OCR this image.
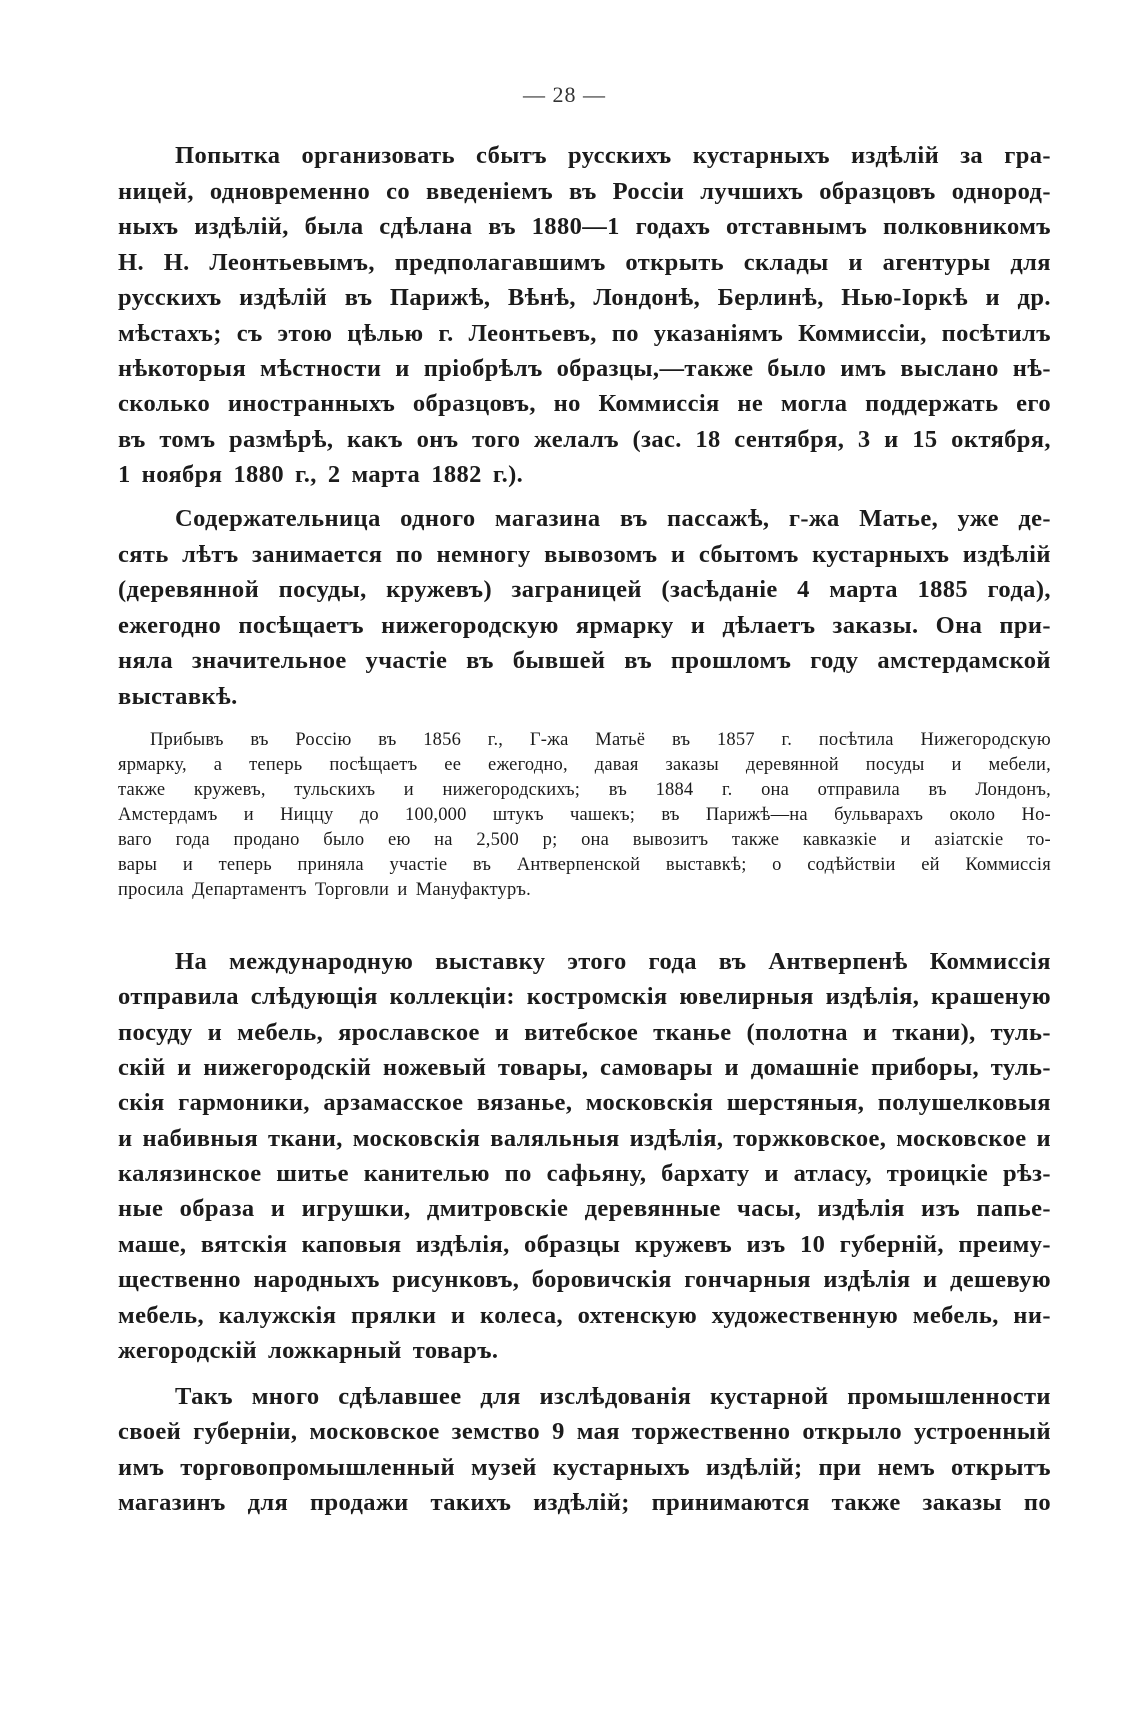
— 28 —
Попытка организовать сбытъ русскихъ кустарныхъ издѣлій за гра-
ницей, одновременно со введеніемъ въ Россіи лучшихъ образцовъ однород-
ныхъ издѣлій, была сдѣлана въ 1880—1 годахъ отставнымъ полковникомъ
Н. Н. Леонтьевымъ, предполагавшимъ открыть склады и агентуры для
русскихъ издѣлій въ Парижѣ, Вѣнѣ, Лондонѣ, Берлинѣ, Нью-Іоркѣ и др.
мѣстахъ; съ этою цѣлью г. Леонтьевъ, по указаніямъ Коммиссіи, посѣтилъ
нѣкоторыя мѣстности и пріобрѣлъ образцы,—также было имъ выслано нѣ-
сколько иностранныхъ образцовъ, но Коммиссія не могла поддержать его
въ томъ размѣрѣ, какъ онъ того желалъ (зас. 18 сентября, 3 и 15 октября,
1 ноября 1880 г., 2 марта 1882 г.).
Содержательница одного магазина въ пассажѣ, г-жа Матье, уже де-
сять лѣтъ занимается по немногу вывозомъ и сбытомъ кустарныхъ издѣлій
(деревянной посуды, кружевъ) заграницей (засѣданіе 4 марта 1885 года),
ежегодно посѣщаетъ нижегородскую ярмарку и дѣлаетъ заказы. Она при-
няла значительное участіе въ бывшей въ прошломъ году амстердамской
выставкѣ.
Прибывъ въ Россію въ 1856 г., Г-жа Матьё въ 1857 г. посѣтила Нижегородскую
ярмарку, а теперь посѣщаетъ ее ежегодно, давая заказы деревянной посуды и мебели,
также кружевъ, тульскихъ и нижегородскихъ; въ 1884 г. она отправила въ Лондонъ,
Амстердамъ и Ниццу до 100,000 штукъ чашекъ; въ Парижѣ—на бульварахъ около Но-
ваго года продано было ею на 2,500 р; она вывозитъ также кавказкіе и азіатскіе то-
вары и теперь приняла участіе въ Антверпенской выставкѣ; о содѣйствіи ей Коммиссія
просила Департаментъ Торговли и Мануфактуръ.
На международную выставку этого года въ Антверпенѣ Коммиссія
отправила слѣдующія коллекціи: костромскія ювелирныя издѣлія, крашеную
посуду и мебель, ярославское и витебское тканье (полотна и ткани), туль-
скій и нижегородскій ножевый товары, самовары и домашніе приборы, туль-
скія гармоники, арзамасское вязанье, московскія шерстяныя, полушелковыя
и набивныя ткани, московскія валяльныя издѣлія, торжковское, московское и
калязинское шитье канителью по сафьяну, бархату и атласу, троицкіе рѣз-
ные образа и игрушки, дмитровскіе деревянные часы, издѣлія изъ папье-
маше, вятскія каповыя издѣлія, образцы кружевъ изъ 10 губерній, преиму-
щественно народныхъ рисунковъ, боровичскія гончарныя издѣлія и дешевую
мебель, калужскія прялки и колеса, охтенскую художественную мебель, ни-
жегородскій ложкарный товаръ.
Такъ много сдѣлавшее для изслѣдованія кустарной промышленности
своей губерніи, московское земство 9 мая торжественно открыло устроенный
имъ торговопромышленный музей кустарныхъ издѣлій; при немъ открытъ
магазинъ для продажи такихъ издѣлій; принимаются также заказы по
